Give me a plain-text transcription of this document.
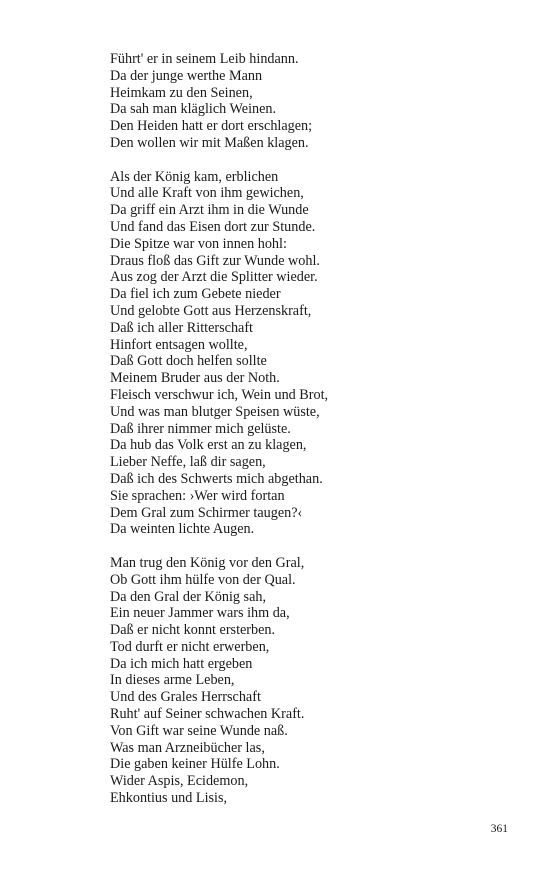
Führt' er in seinem Leib hindann.
Da der junge werthe Mann
Heimkam zu den Seinen,
Da sah man kläglich Weinen.
Den Heiden hatt er dort erschlagen;
Den wollen wir mit Maßen klagen.
Als der König kam, erblichen
Und alle Kraft von ihm gewichen,
Da griff ein Arzt ihm in die Wunde
Und fand das Eisen dort zur Stunde.
Die Spitze war von innen hohl:
Draus floß das Gift zur Wunde wohl.
Aus zog der Arzt die Splitter wieder.
Da fiel ich zum Gebete nieder
Und gelobte Gott aus Herzenskraft,
Daß ich aller Ritterschaft
Hinfort entsagen wollte,
Daß Gott doch helfen sollte
Meinem Bruder aus der Noth.
Fleisch verschwur ich, Wein und Brot,
Und was man blutger Speisen wüste,
Daß ihrer nimmer mich gelüste.
Da hub das Volk erst an zu klagen,
Lieber Neffe, laß dir sagen,
Daß ich des Schwerts mich abgethan.
Sie sprachen: ›Wer wird fortan
Dem Gral zum Schirmer taugen?‹
Da weinten lichte Augen.
Man trug den König vor den Gral,
Ob Gott ihm hülfe von der Qual.
Da den Gral der König sah,
Ein neuer Jammer wars ihm da,
Daß er nicht konnt ersterben.
Tod durft er nicht erwerben,
Da ich mich hatt ergeben
In dieses arme Leben,
Und des Grales Herrschaft
Ruht' auf Seiner schwachen Kraft.
Von Gift war seine Wunde naß.
Was man Arzneibücher las,
Die gaben keiner Hülfe Lohn.
Wider Aspis, Ecidemon,
Ehkontius und Lisis,
361
